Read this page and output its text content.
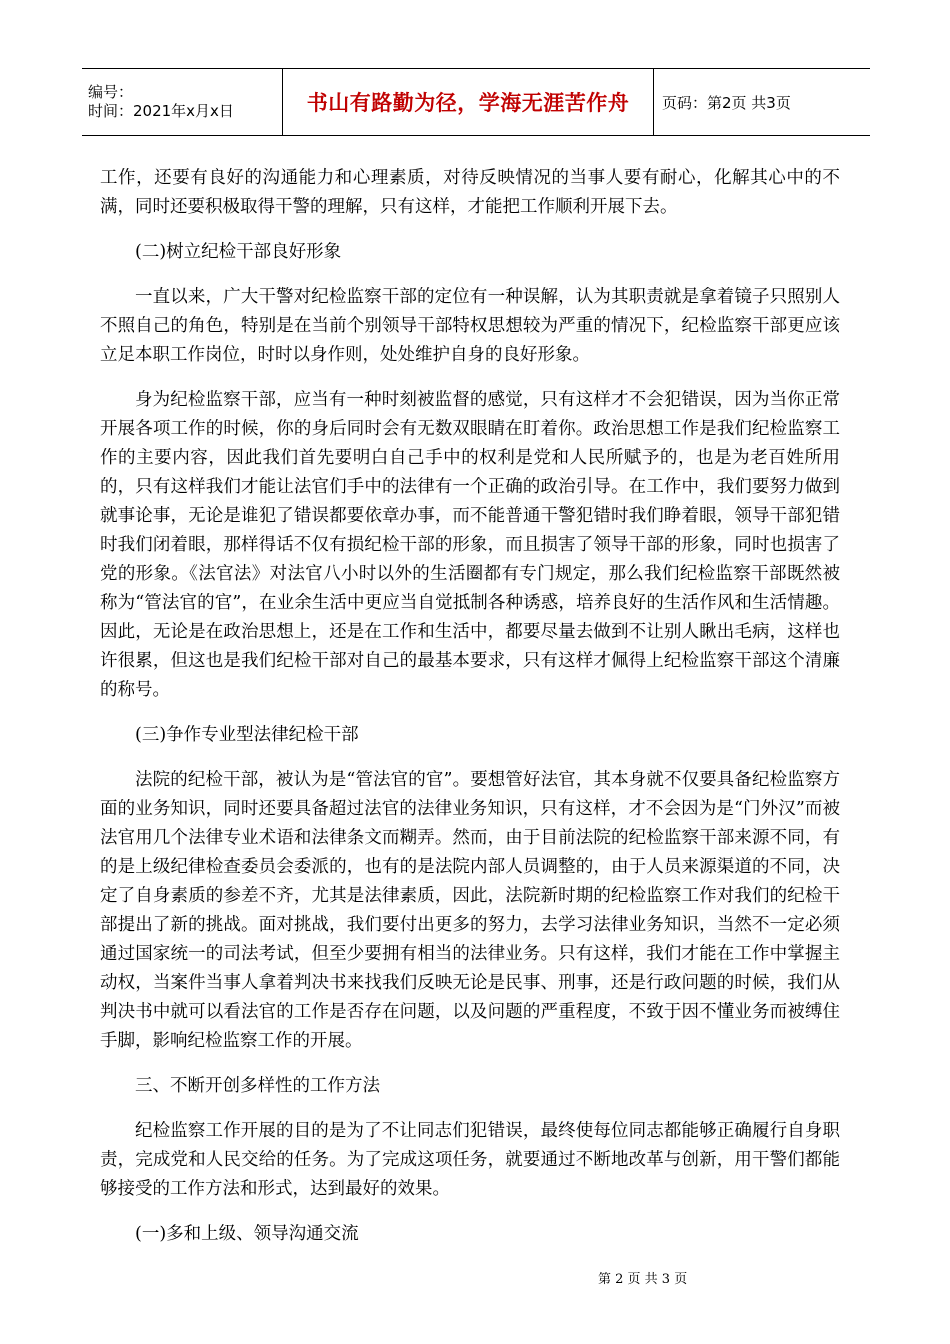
编号：
时间：2021年x月x日	书山有路勤为径，学海无涯苦作舟 页码：第2页 共3页

工作，还要有良好的沟通能力和心理素质，对待反映情况的当事人要有耐心，化解其心中的不满，同时还要积极取得干警的理解，只有这样，才能把工作顺利开展下去。

(二)树立纪检干部良好形象

一直以来，广大干警对纪检监察干部的定位有一种误解，认为其职责就是拿着镜子只照别人不照自己的角色，特别是在当前个别领导干部特权思想较为严重的情况下，纪检监察干部更应该立足本职工作岗位，时时以身作则，处处维护自身的良好形象。

身为纪检监察干部，应当有一种时刻被监督的感觉，只有这样才不会犯错误，因为当你正常开展各项工作的时候，你的身后同时会有无数双眼睛在盯着你。政治思想工作是我们纪检监察工作的主要内容，因此我们首先要明白自己手中的权利是党和人民所赋予的，也是为老百姓所用的，只有这样我们才能让法官们手中的法律有一个正确的政治引导。在工作中，我们要努力做到就事论事，无论是谁犯了错误都要依章办事，而不能普通干警犯错时我们睁着眼，领导干部犯错时我们闭着眼，那样得话不仅有损纪检干部的形象，而且损害了领导干部的形象，同时也损害了党的形象。《法官法》对法官八小时以外的生活圈都有专门规定，那么我们纪检监察干部既然被称为“管法官的官”，在业余生活中更应当自觉抵制各种诱惑，培养良好的生活作风和生活情趣。因此，无论是在政治思想上，还是在工作和生活中，都要尽量去做到不让别人瞅出毛病，这样也许很累，但这也是我们纪检干部对自己的最基本要求，只有这样才佩得上纪检监察干部这个清廉的称号。

(三)争作专业型法律纪检干部

法院的纪检干部，被认为是“管法官的官”。要想管好法官，其本身就不仅要具备纪检监察方面的业务知识，同时还要具备超过法官的法律业务知识，只有这样，才不会因为是“门外汉”而被法官用几个法律专业术语和法律条文而糊弄。然而，由于目前法院的纪检监察干部来源不同，有的是上级纪律检查委员会委派的，也有的是法院内部人员调整的，由于人员来源渠道的不同，决定了自身素质的参差不齐，尤其是法律素质，因此，法院新时期的纪检监察工作对我们的纪检干部提出了新的挑战。面对挑战，我们要付出更多的努力，去学习法律业务知识，当然不一定必须通过国家统一的司法考试，但至少要拥有相当的法律业务。只有这样，我们才能在工作中掌握主动权，当案件当事人拿着判决书来找我们反映无论是民事、刑事，还是行政问题的时候，我们从判决书中就可以看法官的工作是否存在问题，以及问题的严重程度，不致于因不懂业务而被缚住手脚，影响纪检监察工作的开展。

三、不断开创多样性的工作方法

纪检监察工作开展的目的是为了不让同志们犯错误，最终使每位同志都能够正确履行自身职责，完成党和人民交给的任务。为了完成这项任务，就要通过不断地改革与创新，用干警们都能够接受的工作方法和形式，达到最好的效果。

(一)多和上级、领导沟通交流

第 2 页 共 3 页
